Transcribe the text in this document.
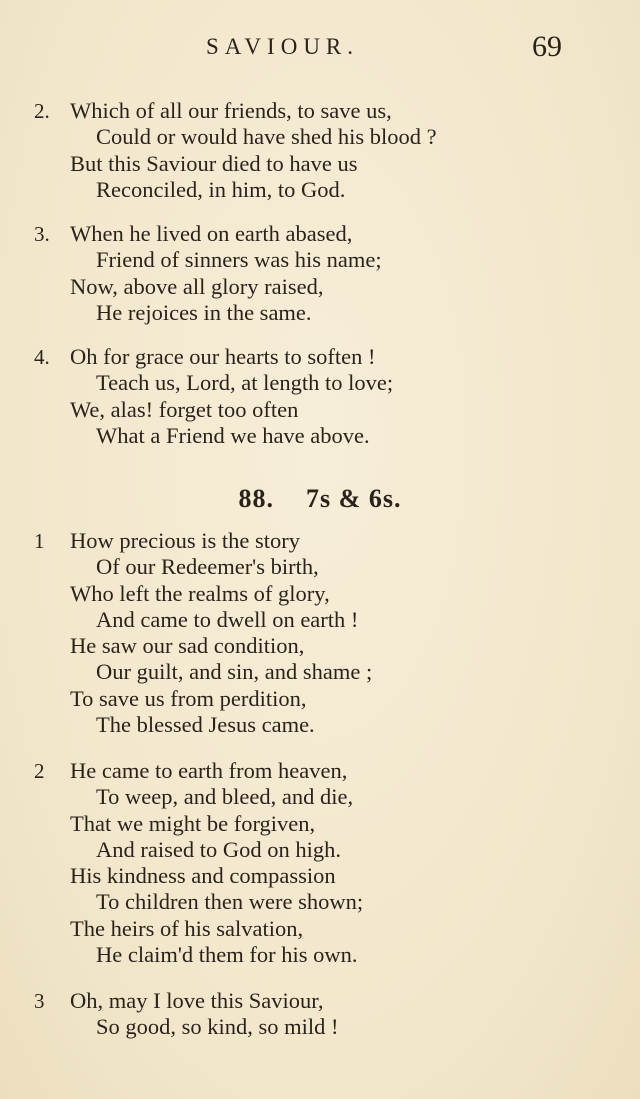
SAVIOUR.	69
2. Which of all our friends, to save us,
Could or would have shed his blood ?
But this Saviour died to have us
Reconciled, in him, to God.
3. When he lived on earth abased,
Friend of sinners was his name;
Now, above all glory raised,
He rejoices in the same.
4. Oh for grace our hearts to soften !
Teach us, Lord, at length to love;
We, alas! forget too often
What a Friend we have above.
88. 7s & 6s.
1 How precious is the story
Of our Redeemer's birth,
Who left the realms of glory,
And came to dwell on earth !
He saw our sad condition,
Our guilt, and sin, and shame ;
To save us from perdition,
The blessed Jesus came.
2 He came to earth from heaven,
To weep, and bleed, and die,
That we might be forgiven,
And raised to God on high.
His kindness and compassion
To children then were shown;
The heirs of his salvation,
He claim'd them for his own.
3 Oh, may I love this Saviour,
So good, so kind, so mild !
